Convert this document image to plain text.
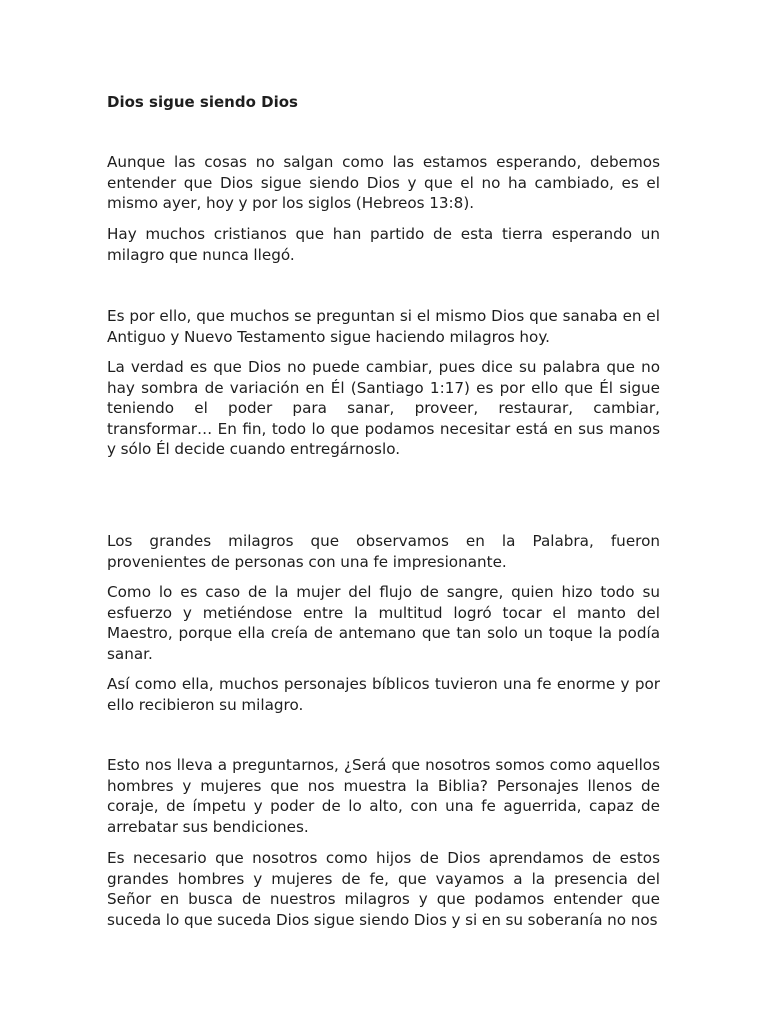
Dios sigue siendo Dios

Aunque las cosas no salgan como las estamos esperando, debemos entender que Dios sigue siendo Dios y que el no ha cambiado, es el mismo ayer, hoy y por los siglos (Hebreos 13:8).

Hay muchos cristianos que han partido de esta tierra esperando un milagro que nunca llegó.

Es por ello, que muchos se preguntan si el mismo Dios que sanaba en el Antiguo y Nuevo Testamento sigue haciendo milagros hoy.

La verdad es que Dios no puede cambiar, pues dice su palabra que no hay sombra de variación en Él (Santiago 1:17) es por ello que Él sigue teniendo el poder para sanar, proveer, restaurar, cambiar, transformar… En fin, todo lo que podamos necesitar está en sus manos y sólo Él decide cuando entregárnoslo.

Los grandes milagros que observamos en la Palabra, fueron provenientes de personas con una fe impresionante.

Como lo es caso de la mujer del flujo de sangre, quien hizo todo su esfuerzo y metiéndose entre la multitud logró tocar el manto del Maestro, porque ella creía de antemano que tan solo un toque la podía sanar.

Así como ella, muchos personajes bíblicos tuvieron una fe enorme y por ello recibieron su milagro.

Esto nos lleva a preguntarnos, ¿Será que nosotros somos como aquellos hombres y mujeres que nos muestra la Biblia? Personajes llenos de coraje, de ímpetu y poder de lo alto, con una fe aguerrida, capaz de arrebatar sus bendiciones.

Es necesario que nosotros como hijos de Dios aprendamos de estos grandes hombres y mujeres de fe, que vayamos a la presencia del Señor en busca de nuestros milagros y que podamos entender que suceda lo que suceda Dios sigue siendo Dios y si en su soberanía no nos
